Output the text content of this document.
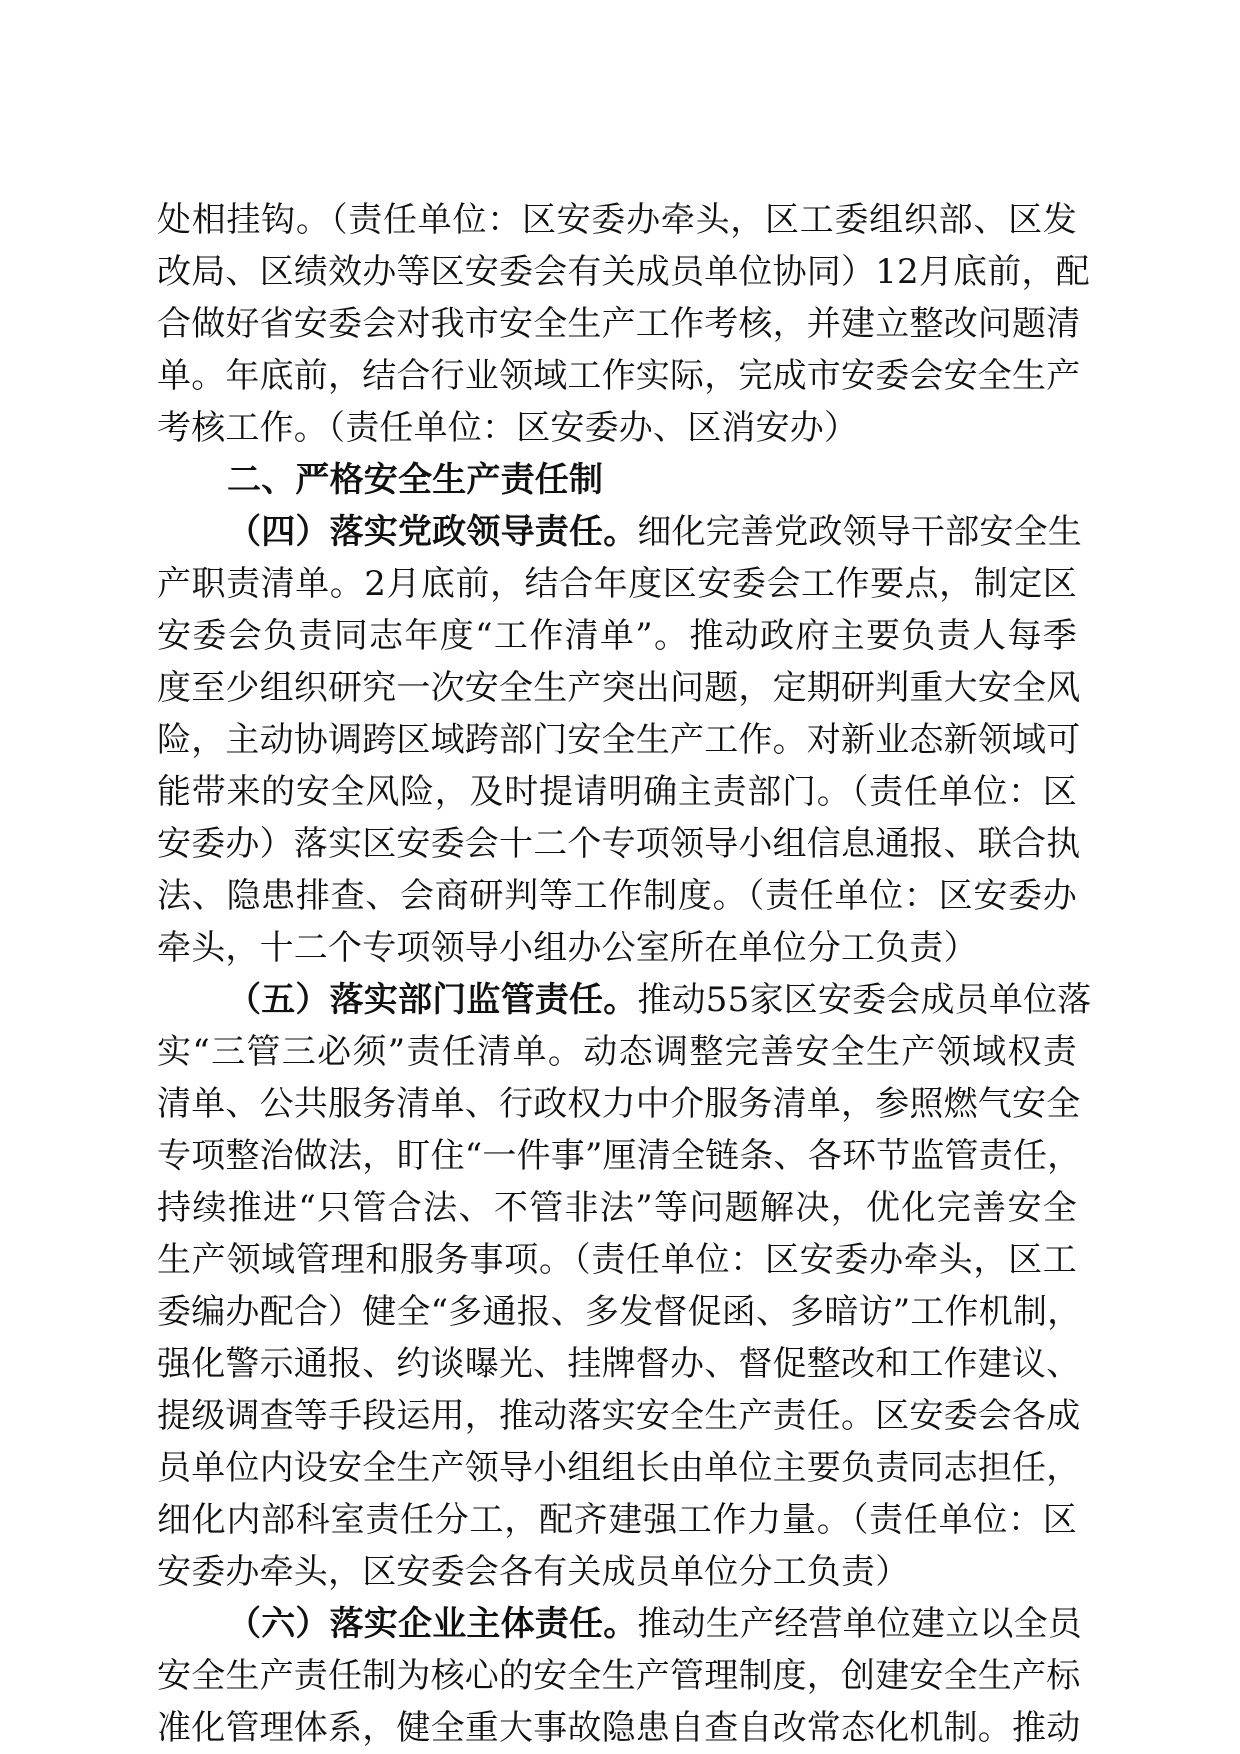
处相挂钩。（责任单位：区安委办牵头，区工委组织部、区发
改局、区绩效办等区安委会有关成员单位协同）12月底前，配
合做好省安委会对我市安全生产工作考核，并建立整改问题清
单。年底前，结合行业领域工作实际，完成市安委会安全生产
考核工作。（责任单位：区安委办、区消安办）
二、严格安全生产责任制
（四）落实党政领导责任。细化完善党政领导干部安全生
产职责清单。2月底前，结合年度区安委会工作要点，制定区
安委会负责同志年度“工作清单”。推动政府主要负责人每季
度至少组织研究一次安全生产突出问题，定期研判重大安全风
险，主动协调跨区域跨部门安全生产工作。对新业态新领域可
能带来的安全风险，及时提请明确主责部门。（责任单位：区
安委办）落实区安委会十二个专项领导小组信息通报、联合执
法、隐患排查、会商研判等工作制度。（责任单位：区安委办
牵头，十二个专项领导小组办公室所在单位分工负责）
（五）落实部门监管责任。推动55家区安委会成员单位落
实“三管三必须”责任清单。动态调整完善安全生产领域权责
清单、公共服务清单、行政权力中介服务清单，参照燃气安全
专项整治做法，盯住“一件事”厘清全链条、各环节监管责任，
持续推进“只管合法、不管非法”等问题解决，优化完善安全
生产领域管理和服务事项。（责任单位：区安委办牵头，区工
委编办配合）健全“多通报、多发督促函、多暗访”工作机制，
强化警示通报、约谈曝光、挂牌督办、督促整改和工作建议、
提级调查等手段运用，推动落实安全生产责任。区安委会各成
员单位内设安全生产领导小组组长由单位主要负责同志担任，
细化内部科室责任分工，配齐建强工作力量。（责任单位：区
安委办牵头，区安委会各有关成员单位分工负责）
（六）落实企业主体责任。推动生产经营单位建立以全员
安全生产责任制为核心的安全生产管理制度，创建安全生产标
准化管理体系，健全重大事故隐患自查自改常态化机制。推动
